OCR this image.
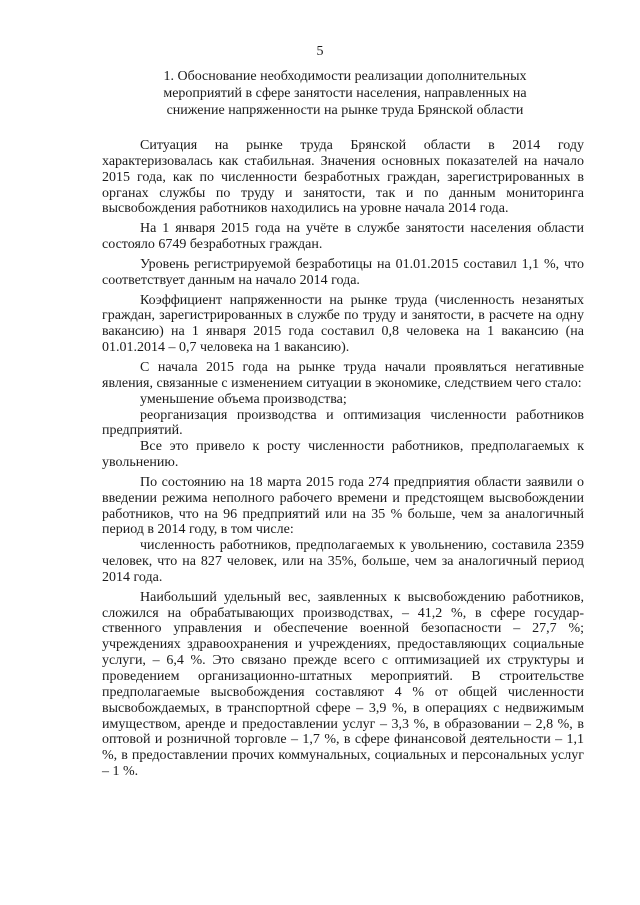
5
1. Обоснование необходимости реализации дополнительных мероприятий в сфере занятости населения, направленных на снижение напряженности на рынке труда Брянской области

Ситуация на рынке труда Брянской области в 2014 году характеризовалась как стабильная. Значения основных показателей на начало 2015 года, как по численности безработных граждан, зарегистрированных в органах службы по труду и занятости, так и по данным мониторинга высвобождения работников находились на уровне начала 2014 года.

На 1 января 2015 года на учёте в службе занятости населения области состояло 6749 безработных граждан.

Уровень регистрируемой безработицы на 01.01.2015 составил 1,1 %, что соответствует данным на начало 2014 года.

Коэффициент напряженности на рынке труда (численность незанятых граждан, зарегистрированных в службе по труду и занятости, в расчете на одну вакансию) на 1 января 2015 года составил 0,8 человека на 1 вакансию (на 01.01.2014 – 0,7 человека на 1 вакансию).

С начала 2015 года на рынке труда начали проявляться негативные явления, связанные с изменением ситуации в экономике, следствием чего стало:

уменьшение объема производства;

реорганизация производства и оптимизация численности работников предприятий.

Все это привело к росту численности работников, предполагаемых к увольнению.

По состоянию на 18 марта 2015 года 274 предприятия области заявили о введении режима неполного рабочего времени и предстоящем высвобождении работников, что на 96 предприятий или на 35 % больше, чем за аналогичный период в 2014 году, в том числе:

численность работников, предполагаемых к увольнению, составила 2359 человек, что на 827 человек, или на 35%, больше, чем за аналогичный период 2014 года.

Наибольший удельный вес, заявленных к высвобождению работников, сложился на обрабатывающих производствах, – 41,2 %, в сфере государственного управления и обеспечение военной безопасности – 27,7 %; учреждениях здравоохранения и учреждениях, предоставляющих социальные услуги, – 6,4 %. Это связано прежде всего с оптимизацией их структуры и проведением организационно-штатных мероприятий. В строительстве предполагаемые высвобождения составляют 4 % от общей численности высвобождаемых, в транспортной сфере – 3,9 %, в операциях с недвижимым имуществом, аренде и предоставлении услуг – 3,3 %, в образовании – 2,8 %, в оптовой и розничной торговле – 1,7 %, в сфере финансовой деятельности – 1,1 %, в предоставлении прочих коммунальных, социальных и персональных услуг – 1 %.
